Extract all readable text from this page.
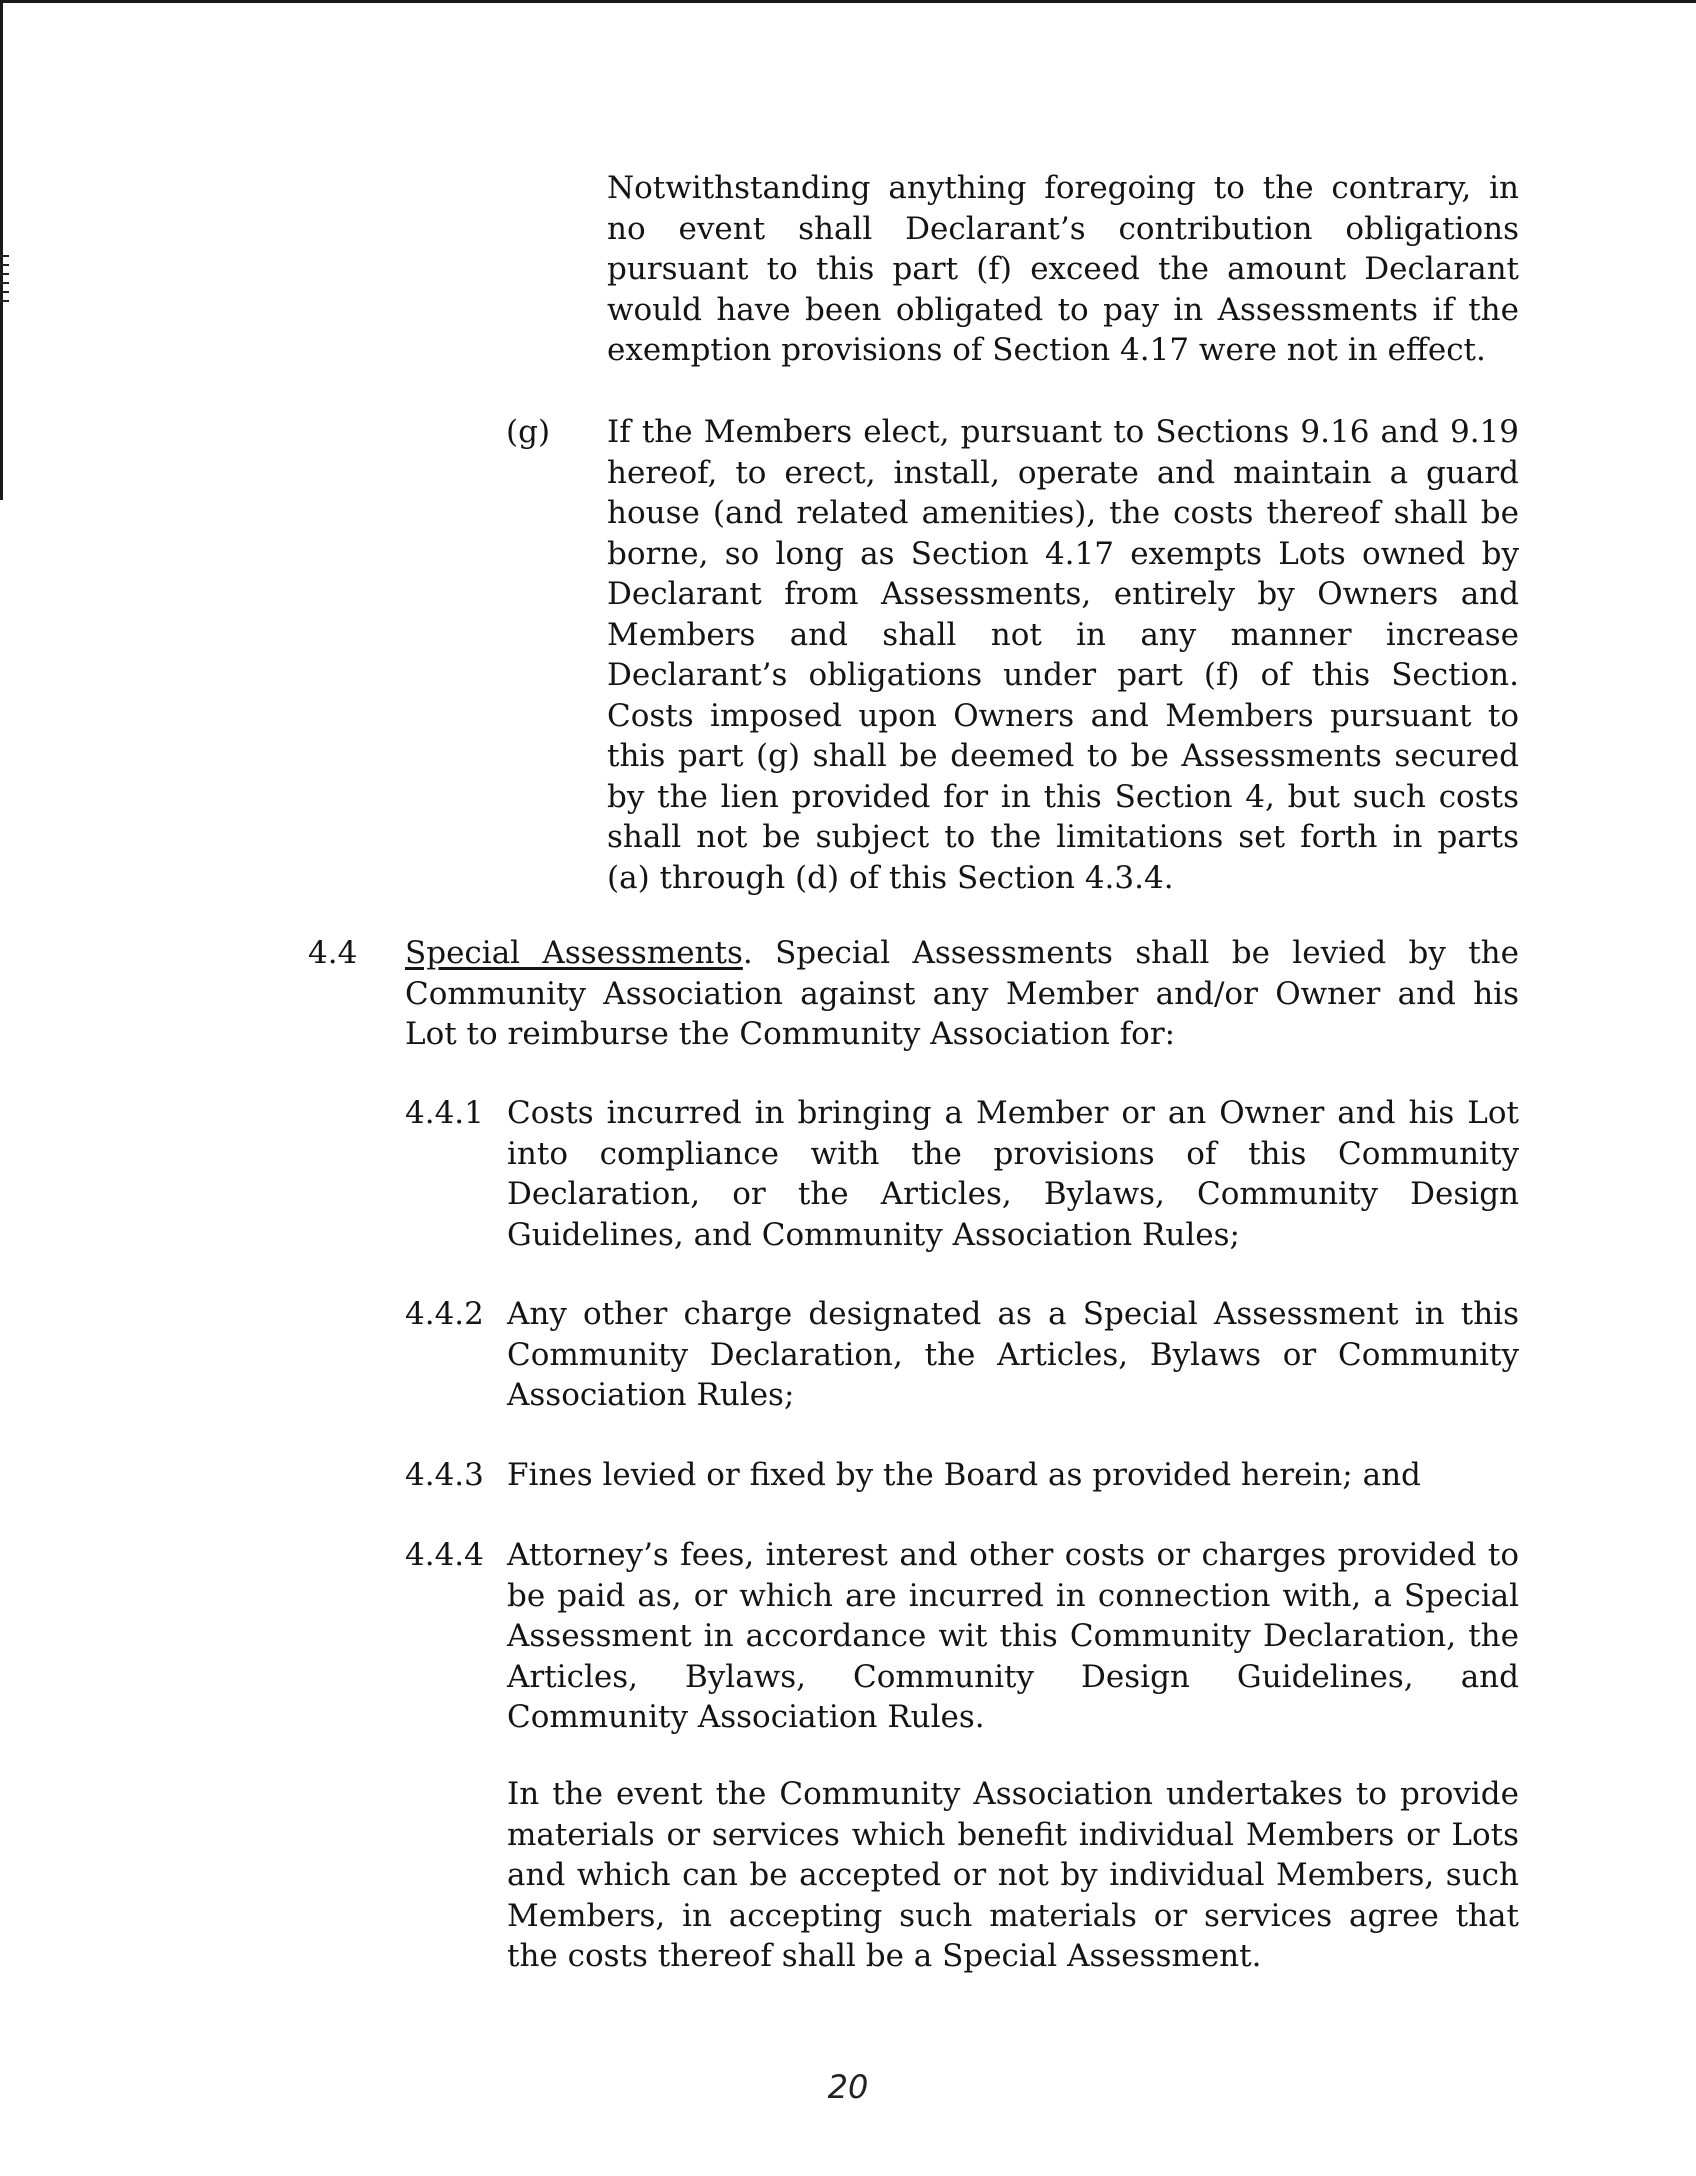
Notwithstanding anything foregoing to the contrary, in no event shall Declarant’s contribution obligations pursuant to this part (f) exceed the amount Declarant would have been obligated to pay in Assessments if the exemption provisions of Section 4.17 were not in effect.

(g) If the Members elect, pursuant to Sections 9.16 and 9.19 hereof, to erect, install, operate and maintain a guard house (and related amenities), the costs thereof shall be borne, so long as Section 4.17 exempts Lots owned by Declarant from Assessments, entirely by Owners and Members and shall not in any manner increase Declarant’s obligations under part (f) of this Section. Costs imposed upon Owners and Members pursuant to this part (g) shall be deemed to be Assessments secured by the lien provided for in this Section 4, but such costs shall not be subject to the limitations set forth in parts (a) through (d) of this Section 4.3.4.

4.4 Special Assessments. Special Assessments shall be levied by the Community Association against any Member and/or Owner and his Lot to reimburse the Community Association for:

4.4.1 Costs incurred in bringing a Member or an Owner and his Lot into compliance with the provisions of this Community Declaration, or the Articles, Bylaws, Community Design Guidelines, and Community Association Rules;

4.4.2 Any other charge designated as a Special Assessment in this Community Declaration, the Articles, Bylaws or Community Association Rules;

4.4.3 Fines levied or fixed by the Board as provided herein; and

4.4.4 Attorney’s fees, interest and other costs or charges provided to be paid as, or which are incurred in connection with, a Special Assessment in accordance wit this Community Declaration, the Articles, Bylaws, Community Design Guidelines, and Community Association Rules.

In the event the Community Association undertakes to provide materials or services which benefit individual Members or Lots and which can be accepted or not by individual Members, such Members, in accepting such materials or services agree that the costs thereof shall be a Special Assessment.

20
